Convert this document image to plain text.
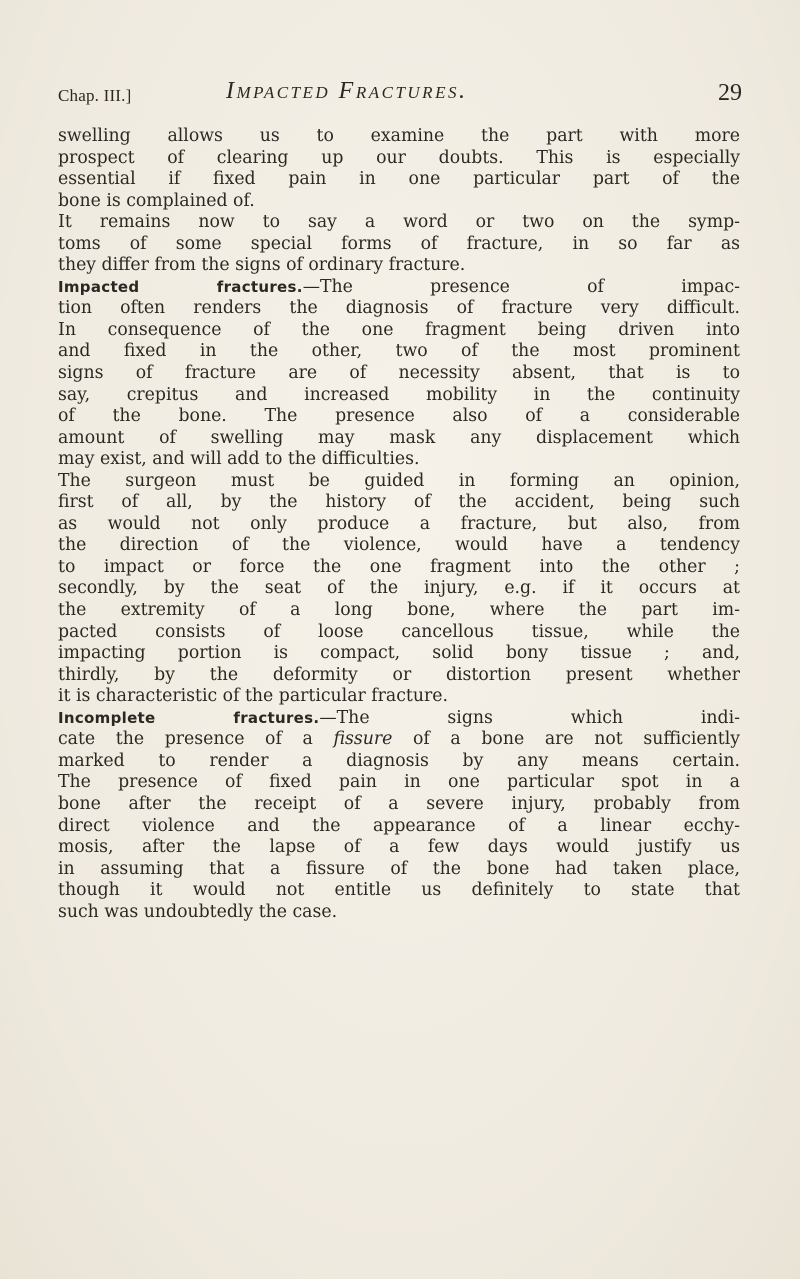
Chap. III.]	Impacted Fractures.	29
swelling allows us to examine the part with more
prospect of clearing up our doubts. This is especially
essential if fixed pain in one particular part of the
bone is complained of.
It remains now to say a word or two on the symp-
toms of some special forms of fracture, in so far as
they differ from the signs of ordinary fracture.
Impacted fractures.—The presence of impac-
tion often renders the diagnosis of fracture very difficult.
In consequence of the one fragment being driven into
and fixed in the other, two of the most prominent
signs of fracture are of necessity absent, that is to
say, crepitus and increased mobility in the continuity
of the bone. The presence also of a considerable
amount of swelling may mask any displacement which
may exist, and will add to the difficulties.
The surgeon must be guided in forming an opinion,
first of all, by the history of the accident, being such
as would not only produce a fracture, but also, from
the direction of the violence, would have a tendency
to impact or force the one fragment into the other ;
secondly, by the seat of the injury, e.g. if it occurs at
the extremity of a long bone, where the part im-
pacted consists of loose cancellous tissue, while the
impacting portion is compact, solid bony tissue ; and,
thirdly, by the deformity or distortion present whether
it is characteristic of the particular fracture.
Incomplete fractures.—The signs which indi-
cate the presence of a fissure of a bone are not sufficiently
marked to render a diagnosis by any means certain.
The presence of fixed pain in one particular spot in a
bone after the receipt of a severe injury, probably from
direct violence and the appearance of a linear ecchy-
mosis, after the lapse of a few days would justify us
in assuming that a fissure of the bone had taken place,
though it would not entitle us definitely to state that
such was undoubtedly the case.
